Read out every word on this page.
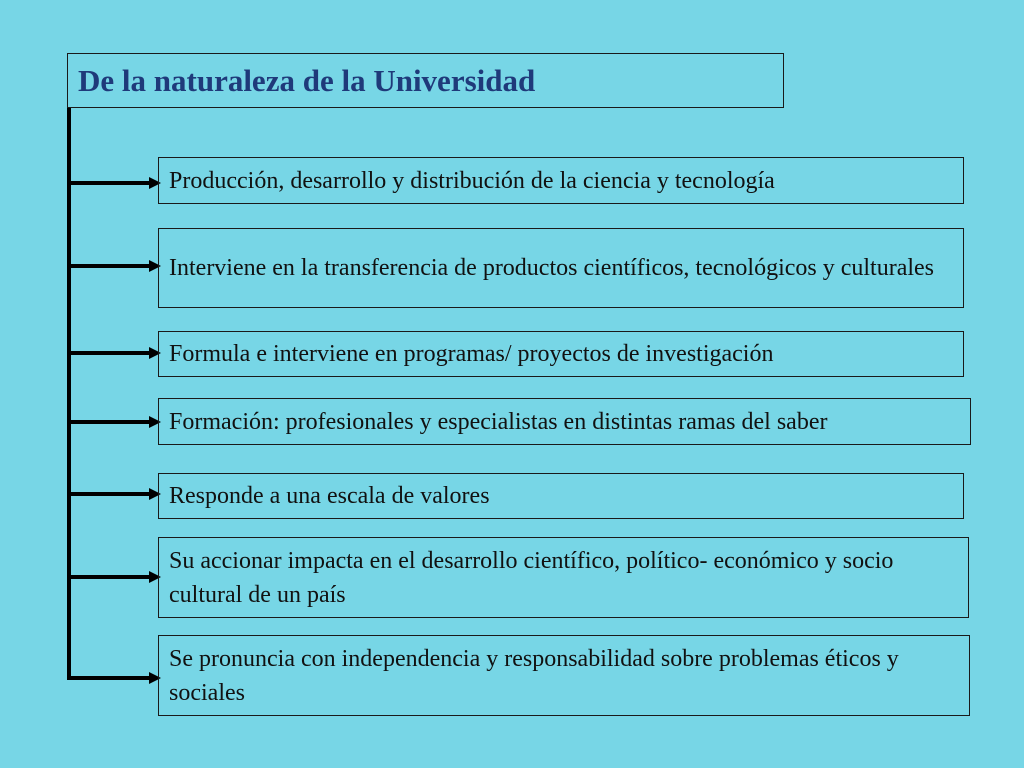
De la naturaleza de la Universidad
Producción, desarrollo y distribución de la ciencia y tecnología
Interviene en la transferencia de productos científicos, tecnológicos y culturales
Formula e interviene en programas/ proyectos de investigación
Formación: profesionales y especialistas en distintas ramas del saber
Responde a una escala de valores
Su accionar impacta en el desarrollo científico, político- económico y socio cultural de un país
Se pronuncia con independencia y responsabilidad sobre problemas éticos y sociales
